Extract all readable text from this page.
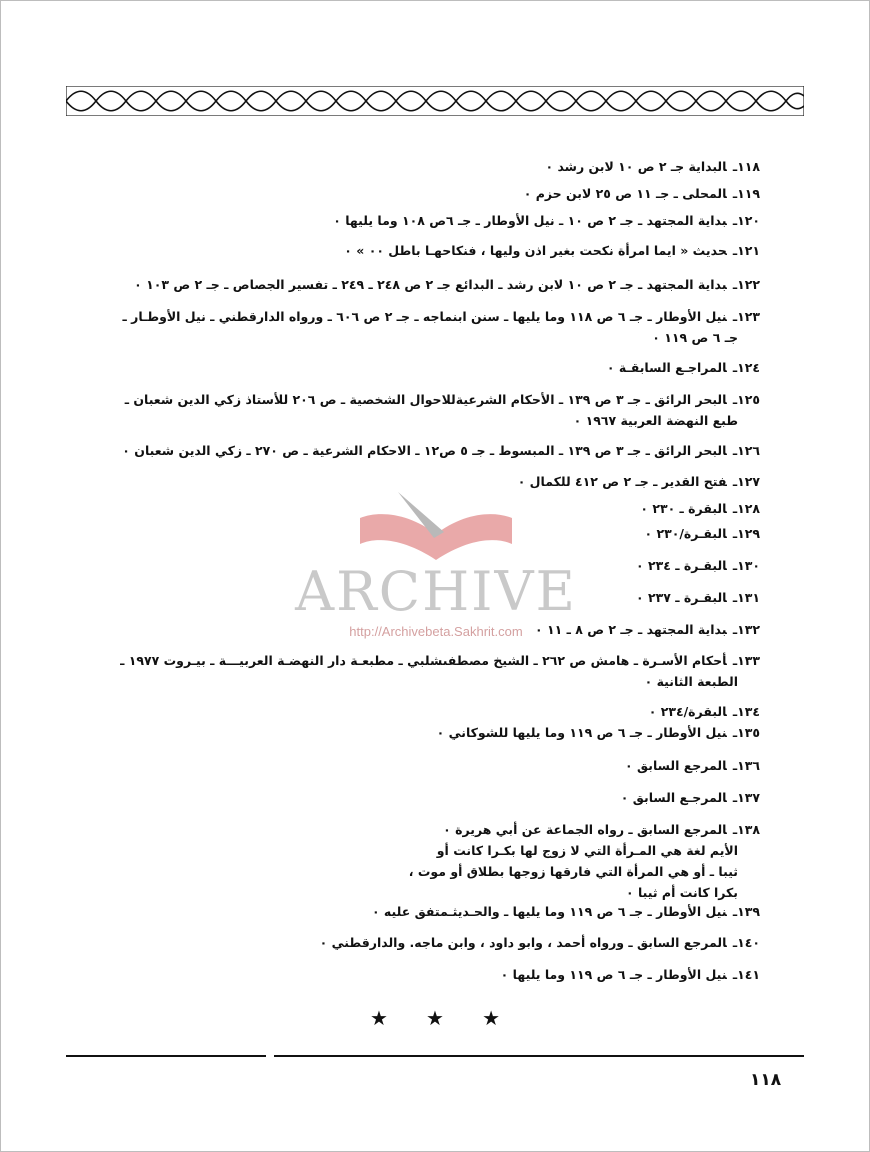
ARCHIVE
http://Archivebeta.Sakhrit.com
١١٨ـالبداية جـ ٢ ص ١٠ لابن رشد ٠
١١٩ـالمحلى ـ جـ ١١ ص ٢٥ لابن حزم ٠
١٢٠ـبداية المجتهد ـ جـ ٢ ص ١٠ ـ نيل الأوطار ـ جـ ٦ص ١٠٨ وما يليها ٠
١٢١ـحديث « ايما امرأة نكحت بغير اذن وليها ، فنكاحهـا باطل ٠٠ » ٠
١٢٢ـبداية المجتهد ـ جـ ٢ ص ١٠ لابن رشد ـ البدائع جـ ٢ ص ٢٤٨ ـ ٢٤٩ ـ تفسير الجصاص ـ جـ ٢ ص ١٠٣ ٠
١٢٣ـنيل الأوطار ـ جـ ٦ ص ١١٨ وما يليها ـ سنن ابنماجه ـ جـ ٢ ص ٦٠٦ ـ ورواه الدارقطني ـ نيل الأوطـار ـ
جـ ٦ ص ١١٩ ٠
١٢٤ـالمراجـع السابقـة ٠
١٢٥ـالبحر الرائق ـ جـ ٣ ص ١٣٩ ـ الأحكام الشرعيةللاحوال الشخصية ـ ص ٢٠٦ للأستاذ زكي الدين شعبان ـ
طبع النهضة العربية ١٩٦٧ ٠
١٢٦ـالبحر الرائق ـ جـ ٣ ص ١٣٩ ـ المبسوط ـ جـ ٥ ص١٢ ـ الاحكام الشرعية ـ ص ٢٧٠ ـ زكي الدين شعبان ٠
١٢٧ـفتح القدير ـ جـ ٢ ص ٤١٢ للكمال ٠
١٢٨ـالبقرة ـ ٢٣٠ ٠
١٢٩ـالبقـرة/٢٣٠ ٠
١٣٠ـالبقـرة ـ ٢٣٤ ٠
١٣١ـالبقـرة ـ ٢٣٧ ٠
١٣٢ـبداية المجتهد ـ جـ ٢ ص ٨ ـ ١١ ٠
١٣٣ـأحكام الأسـرة ـ هامش ص ٢٦٢ ـ الشيخ مصطفىشلبي ـ مطبعـة دار النهضـة العربيـــة ـ بيـروت ١٩٧٧ ـ
الطبعة الثانية ٠
١٣٤ـالبقرة/٢٣٤ ٠
١٣٥ـنيل الأوطار ـ جـ ٦ ص ١١٩ وما يليها للشوكاني ٠
١٣٦ـالمرجع السابق ٠
١٣٧ـالمرجـع السابق ٠
١٣٨ـالمرجع السابق ـ رواه الجماعة عن أبي هريرة ٠
الأيم لغة هي المـرأة التي لا زوج لها بكـرا كانت أو
ثيبا ـ أو هي المرأة التي فارقها زوجها بطلاق أو موت ،
بكرا كانت أم ثيبا ٠
١٣٩ـنيل الأوطار ـ جـ ٦ ص ١١٩ وما يليها ـ والحـديثـمتفق عليه ٠
١٤٠ـالمرجع السابق ـ ورواه أحمد ، وابو داود ، وابن ماجه. والدارقطني ٠
١٤١ـنيل الأوطار ـ جـ ٦ ص ١١٩ وما يليها ٠
★ ★ ★
١١٨
